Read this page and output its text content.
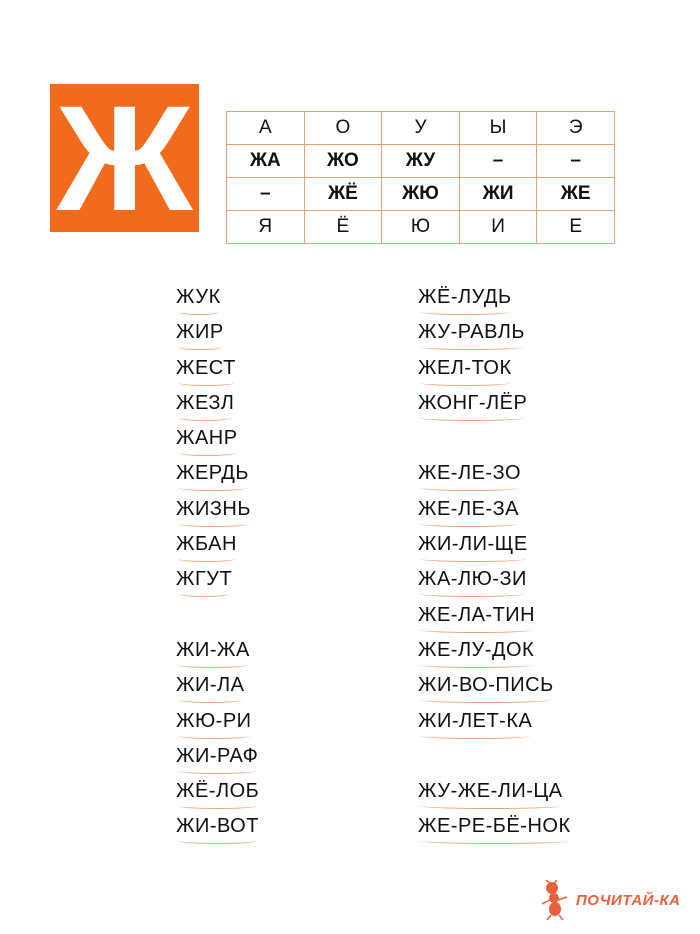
Ж	А	О	У	Ы	Э
ЖА	ЖО	ЖУ	–	–
–	ЖЁ	ЖЮ	ЖИ	ЖЕ
Я	Ё	Ю	И	Е
ЖУК
ЖИР
ЖЕСТ
ЖЕЗЛ
ЖАНР
ЖЕРДЬ
ЖИЗНЬ
ЖБАН
ЖГУТ
ЖИ-ЖА
ЖИ-ЛА
ЖЮ-РИ
ЖИ-РАФ
ЖЁ-ЛОБ
ЖИ-ВОТ
ЖЁ-ЛУДЬ
ЖУ-РАВЛЬ
ЖЕЛ-ТОК
ЖОНГ-ЛЁР
ЖЕ-ЛЕ-ЗО
ЖЕ-ЛЕ-ЗА
ЖИ-ЛИ-ЩЕ
ЖА-ЛЮ-ЗИ
ЖЕ-ЛА-ТИН
ЖЕ-ЛУ-ДОК
ЖИ-ВО-ПИСЬ
ЖИ-ЛЕТ-КА
ЖУ-ЖЕ-ЛИ-ЦА
ЖЕ-РЕ-БЁ-НОК
ПОЧИТАЙ-КА
